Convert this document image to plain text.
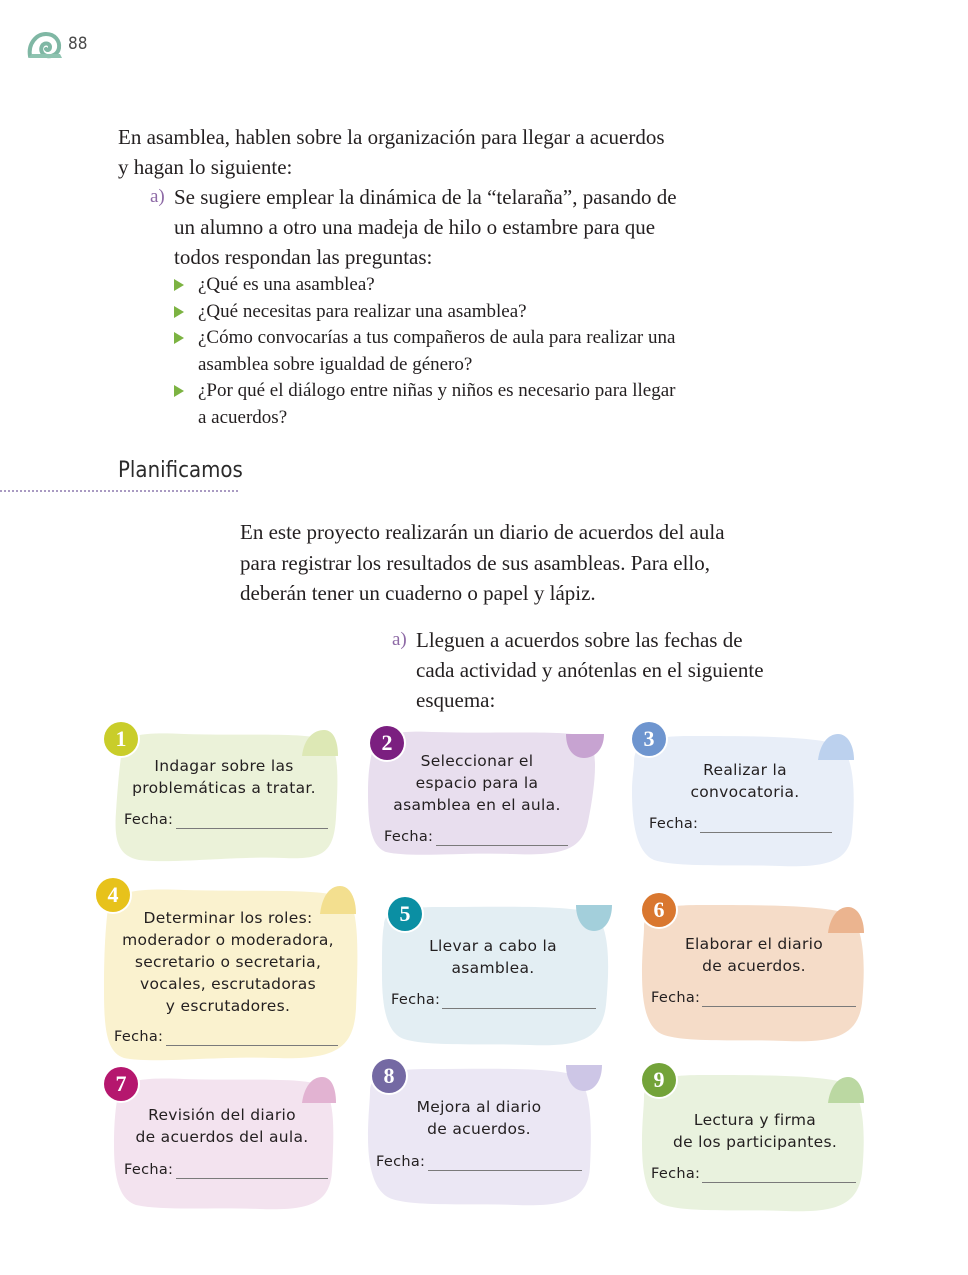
88

En asamblea, hablen sobre la organización para llegar a acuerdos y hagan lo siguiente:

a) Se sugiere emplear la dinámica de la “telaraña”, pasando de un alumno a otro una madeja de hilo o estambre para que todos respondan las preguntas:
¿Qué es una asamblea?
¿Qué necesitas para realizar una asamblea?
¿Cómo convocarías a tus compañeros de aula para realizar una asamblea sobre igualdad de género?
¿Por qué el diálogo entre niñas y niños es necesario para llegar a acuerdos?
Planificamos

En este proyecto realizarán un diario de acuerdos del aula para registrar los resultados de sus asambleas. Para ello, deberán tener un cuaderno o papel y lápiz.

a) Lleguen a acuerdos sobre las fechas de cada actividad y anótenlas en el siguiente esquema:
1
Indagar sobre las
problemáticas a tratar.
Fecha:
2
Seleccionar el
espacio para la
asamblea en el aula.
Fecha:
3
Realizar la
convocatoria.
Fecha:
4
Determinar los roles:
moderador o moderadora,
secretario o secretaria,
vocales, escrutadoras
y escrutadores.
Fecha:
5
Llevar a cabo la
asamblea.
Fecha:
6
Elaborar el diario
de acuerdos.
Fecha:
7
Revisión del diario
de acuerdos del aula.
Fecha:
8
Mejora al diario
de acuerdos.
Fecha:
9
Lectura y firma
de los participantes.
Fecha:
